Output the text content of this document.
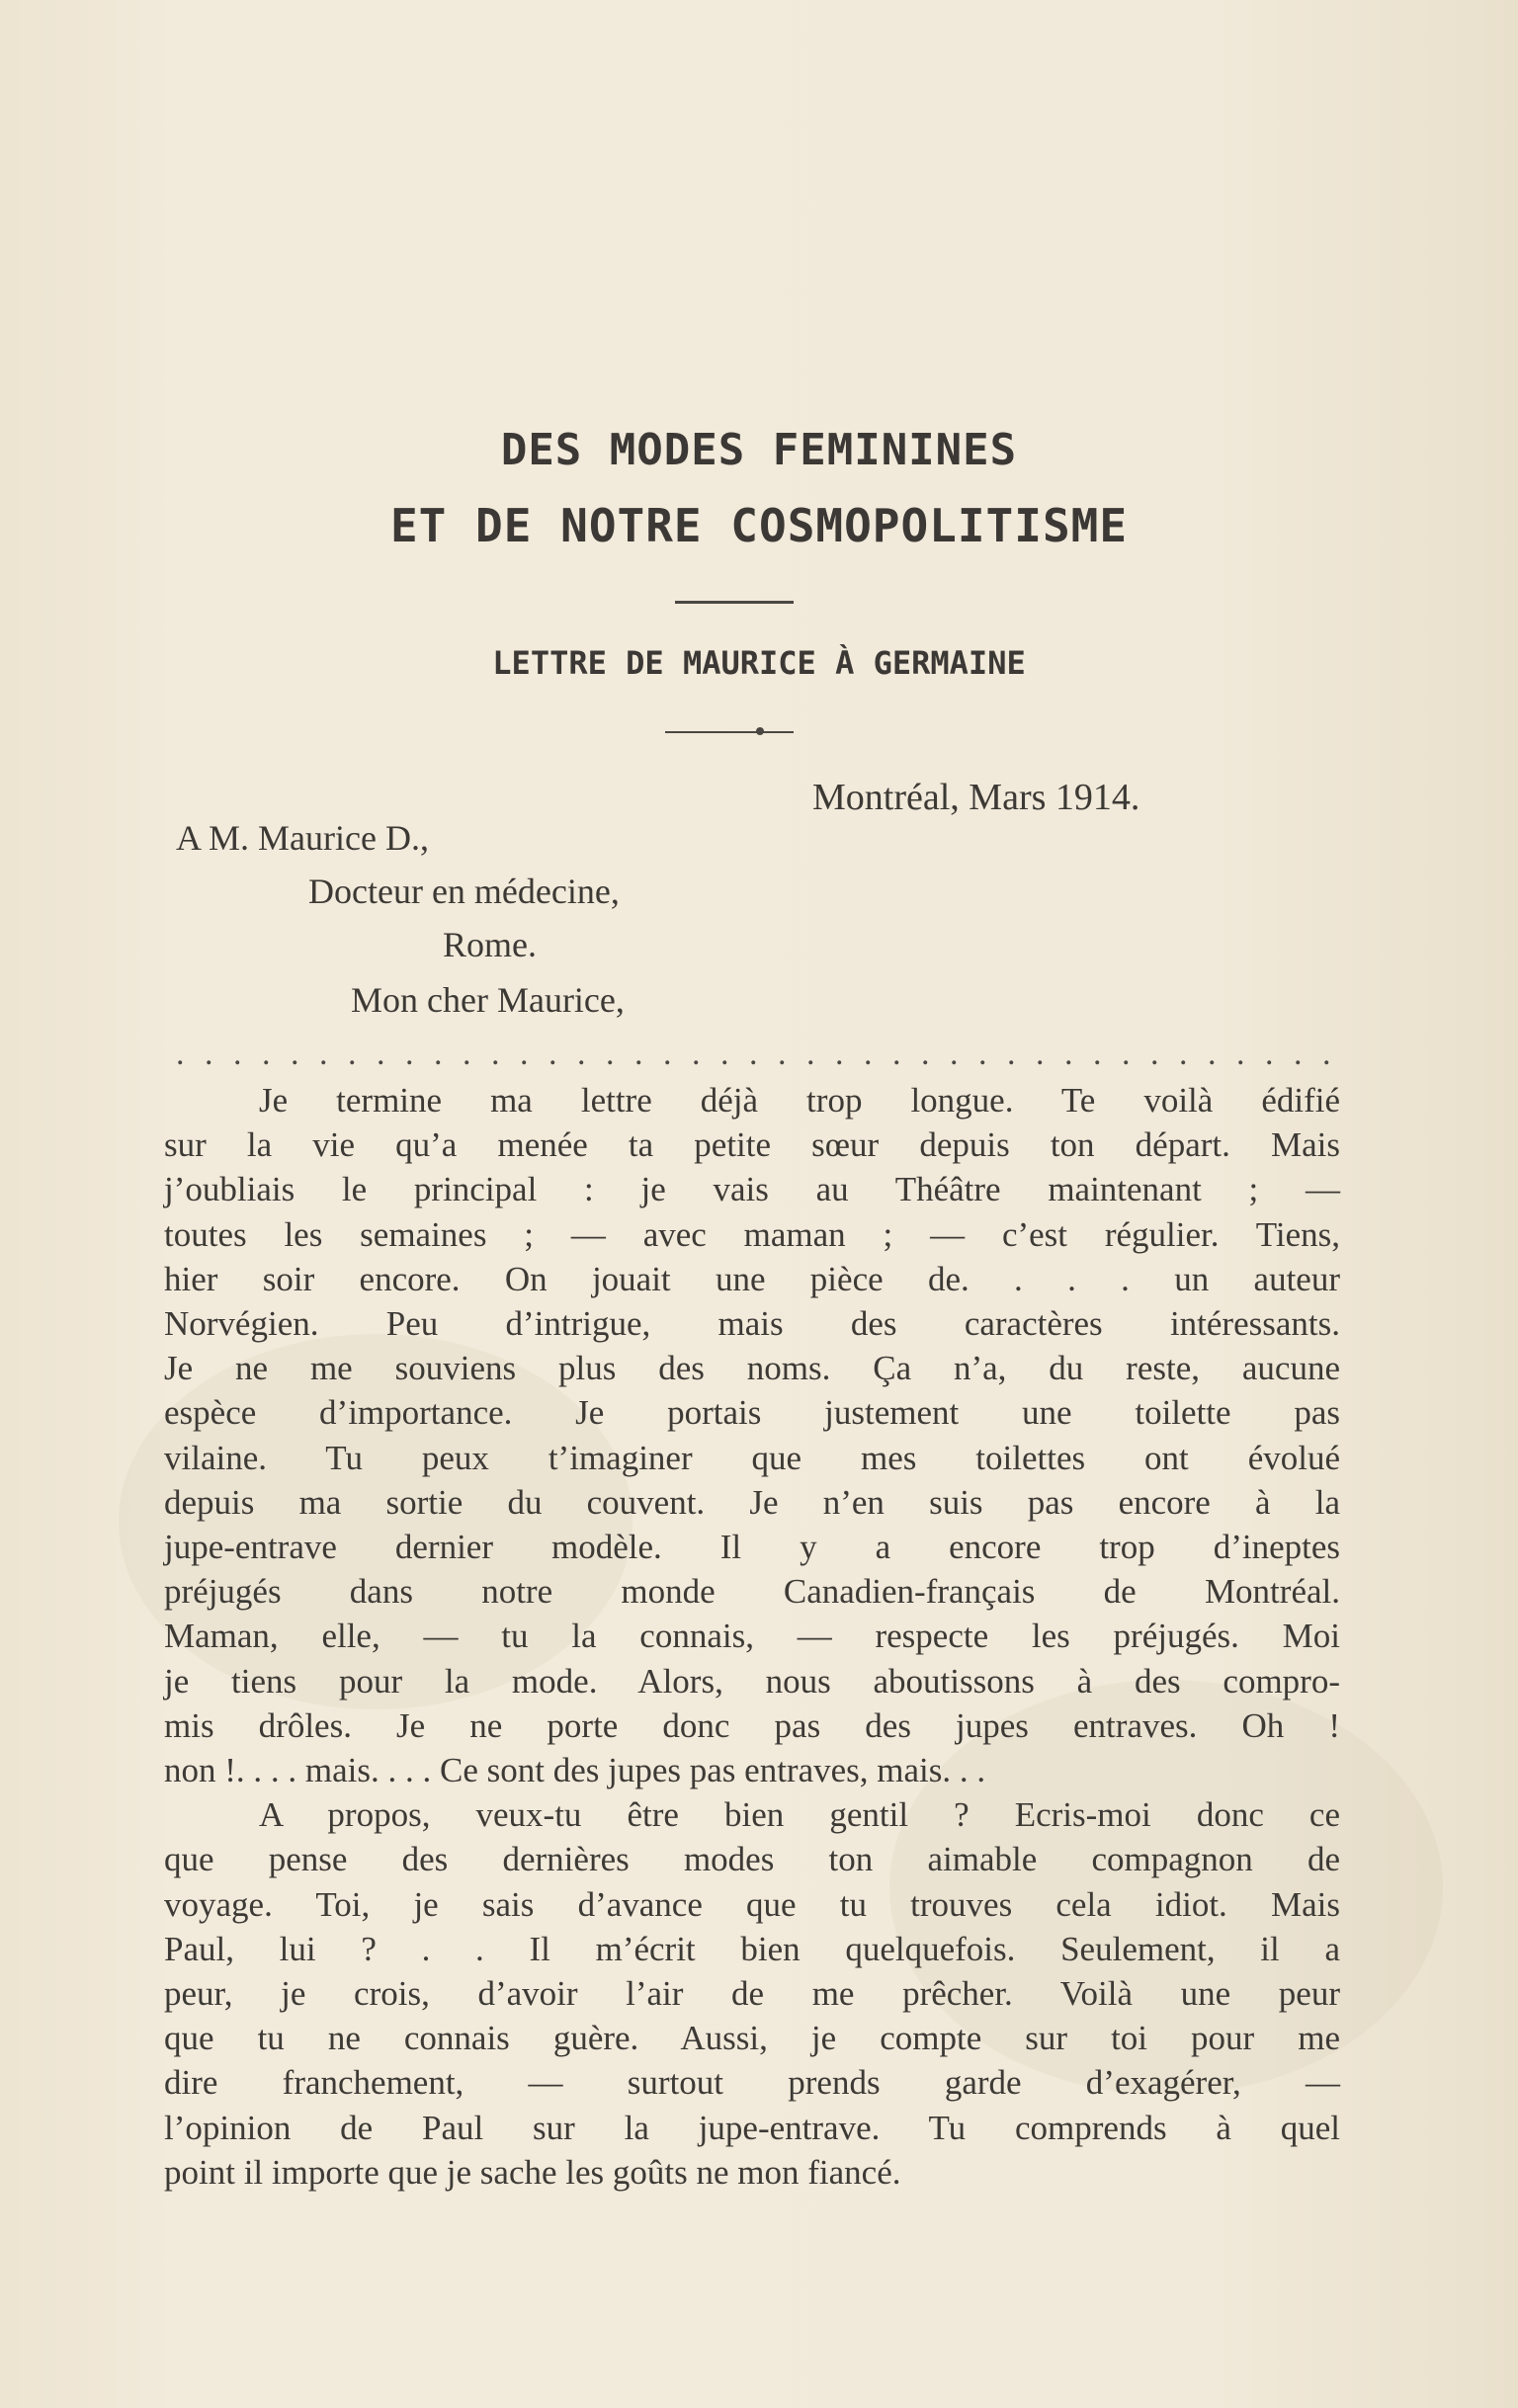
DES MODES FEMININES
ET DE NOTRE COSMOPOLITISME
LETTRE DE MAURICE À GERMAINE
Montréal, Mars 1914.
A M. Maurice D.,
Docteur en médecine,
Rome.
Mon cher Maurice,
. . . . . . . . . . . . . . . . . . . . . . . . . . . . . . . . . . . . . . . . .
Je termine ma lettre déjà trop longue. Te voilà édifié
sur la vie qu’a menée ta petite sœur depuis ton départ. Mais
j’oubliais le principal : je vais au Théâtre maintenant ; —
toutes les semaines ; — avec maman ; — c’est régulier. Tiens,
hier soir encore. On jouait une pièce de. . . . un auteur
Norvégien. Peu d’intrigue, mais des caractères intéressants.
Je ne me souviens plus des noms. Ça n’a, du reste, aucune
espèce d’importance. Je portais justement une toilette pas
vilaine. Tu peux t’imaginer que mes toilettes ont évolué
depuis ma sortie du couvent. Je n’en suis pas encore à la
jupe-entrave dernier modèle. Il y a encore trop d’ineptes
préjugés dans notre monde Canadien-français de Montréal.
Maman, elle, — tu la connais, — respecte les préjugés. Moi
je tiens pour la mode. Alors, nous aboutissons à des compro-
mis drôles. Je ne porte donc pas des jupes entraves. Oh !
non !. . . . mais. . . . Ce sont des jupes pas entraves, mais. . .
A propos, veux-tu être bien gentil ? Ecris-moi donc ce
que pense des dernières modes ton aimable compagnon de
voyage. Toi, je sais d’avance que tu trouves cela idiot. Mais
Paul, lui ? . . Il m’écrit bien quelquefois. Seulement, il a
peur, je crois, d’avoir l’air de me prêcher. Voilà une peur
que tu ne connais guère. Aussi, je compte sur toi pour me
dire franchement, — surtout prends garde d’exagérer, —
l’opinion de Paul sur la jupe-entrave. Tu comprends à quel
point il importe que je sache les goûts ne mon fiancé.
